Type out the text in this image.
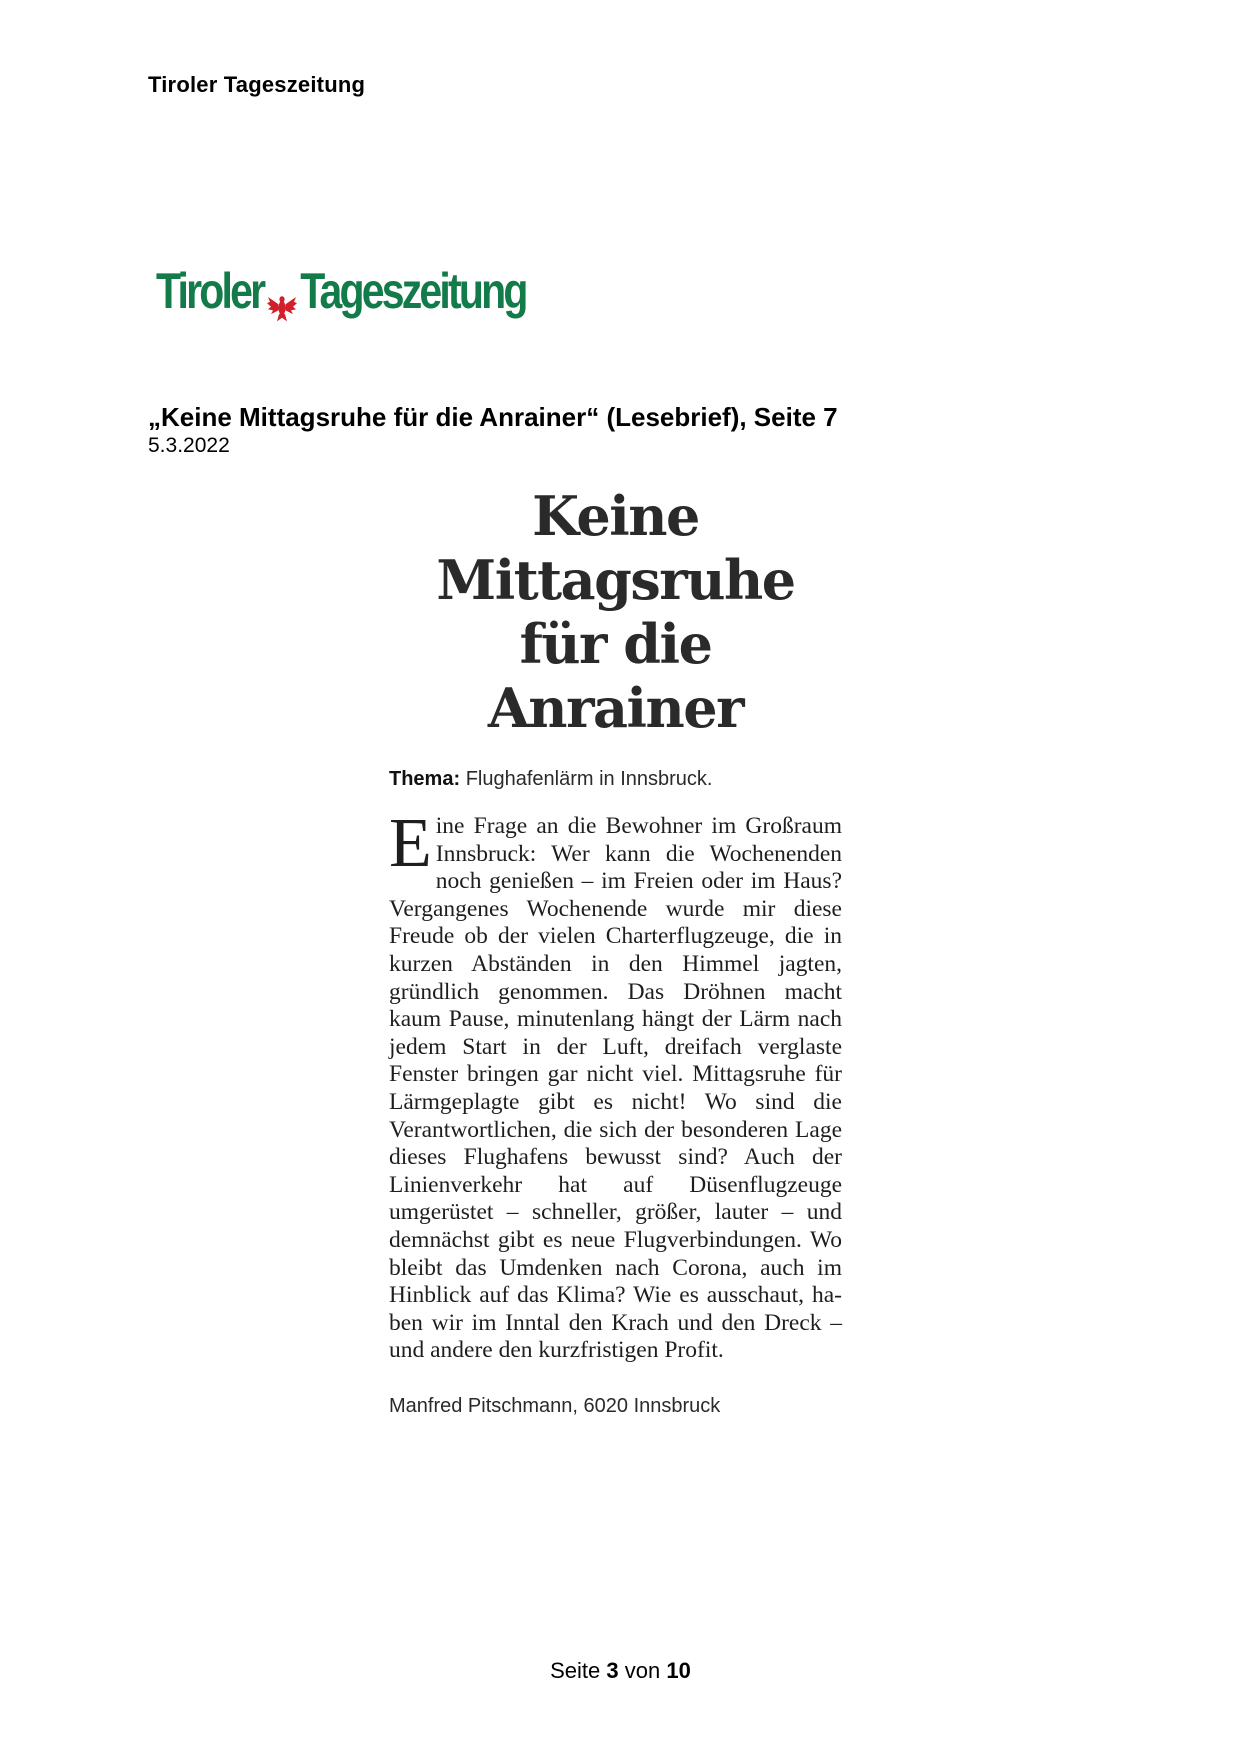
Tiroler Tageszeitung
Tiroler Tageszeitung
„Keine Mittagsruhe für die Anrainer“ (Lesebrief), Seite 7
5.3.2022
Keine Mittagsruhe
für die Anrainer
Thema: Flughafenlärm in Innsbruck.
Eine Frage an die Bewohner im Großraum Innsbruck: Wer kann die Wochenenden noch genießen – im Freien oder im Haus? Vergangenes Wochenende wurde mir diese Freude ob der vielen Charterflugzeuge, die in kurzen Abständen in den Himmel jagten, gründlich genommen. Das Dröhnen macht kaum Pause, minutenlang hängt der Lärm nach jedem Start in der Luft, dreifach verglaste Fenster bringen gar nicht viel. Mittagsruhe für Lärmgeplagte gibt es nicht! Wo sind die Verantwortlichen, die sich der besonderen Lage dieses Flughafens bewusst sind? Auch der Linienverkehr hat auf Düsenflugzeuge umgerüstet – schneller, größer, lauter – und demnächst gibt es neue Flugverbindungen. Wo bleibt das Umdenken nach Corona, auch im Hinblick auf das Klima? Wie es ausschaut, haben wir im Inntal den Krach und den Dreck – und andere den kurzfristigen Profit.
Manfred Pitschmann, 6020 Innsbruck
Seite 3 von 10
